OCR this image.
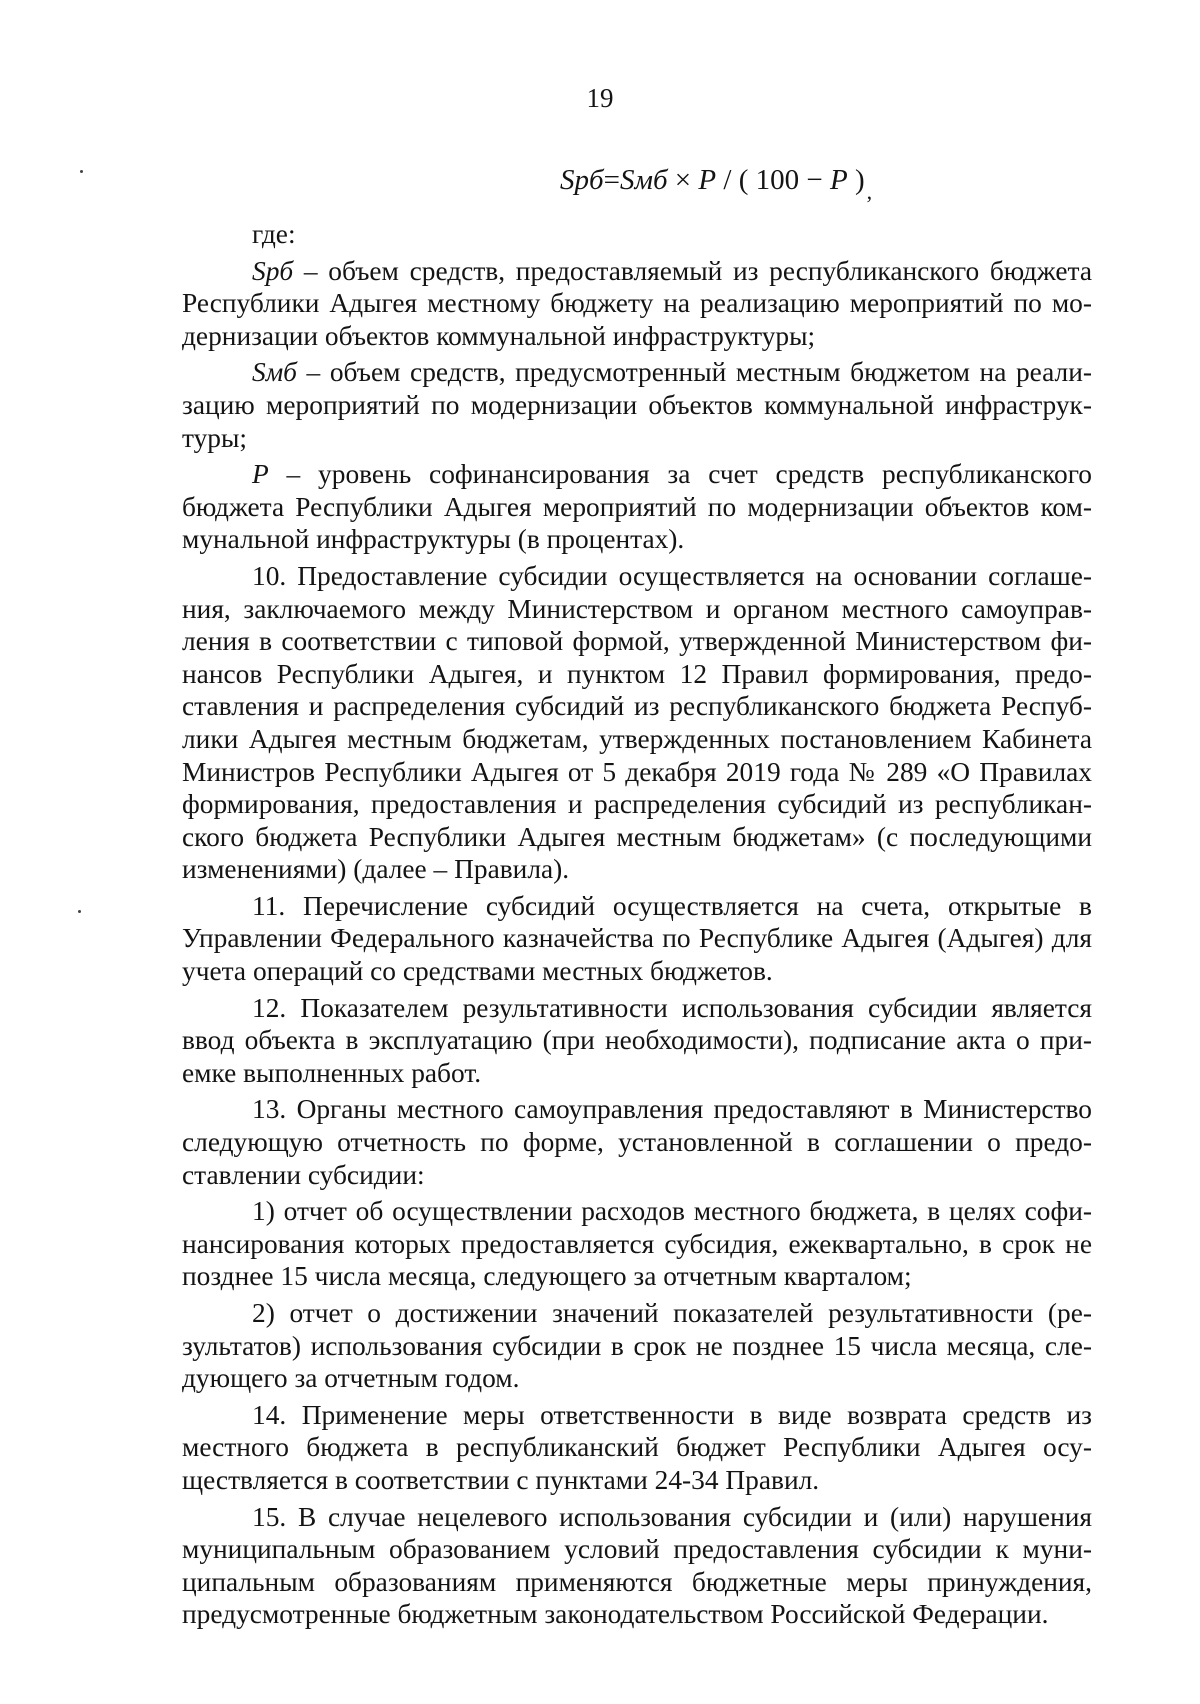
19
Sрб=Sмб × P / ( 100 − P )$_,$

где:

Sрб – объем средств, предоставляемый из республиканского бюджета Республики Адыгея местному бюджету на реализацию мероприятий по модернизации объектов коммунальной инфраструктуры;

Sмб – объем средств, предусмотренный местным бюджетом на реализацию мероприятий по модернизации объектов коммунальной инфраструктуры;

P – уровень софинансирования за счет средств республиканского бюджета Республики Адыгея мероприятий по модернизации объектов коммунальной инфраструктуры (в процентах).

10. Предоставление субсидии осуществляется на основании соглашения, заключаемого между Министерством и органом местного самоуправления в соответствии с типовой формой, утвержденной Министерством финансов Республики Адыгея, и пунктом 12 Правил формирования, предоставления и распределения субсидий из республиканского бюджета Республики Адыгея местным бюджетам, утвержденных постановлением Кабинета Министров Республики Адыгея от 5 декабря 2019 года № 289 «О Правилах формирования, предоставления и распределения субсидий из республиканского бюджета Республики Адыгея местным бюджетам» (с последующими изменениями) (далее – Правила).

11. Перечисление субсидий осуществляется на счета, открытые в Управлении Федерального казначейства по Республике Адыгея (Адыгея) для учета операций со средствами местных бюджетов.

12. Показателем результативности использования субсидии является ввод объекта в эксплуатацию (при необходимости), подписание акта о приемке выполненных работ.

13. Органы местного самоуправления предоставляют в Министерство следующую отчетность по форме, установленной в соглашении о предоставлении субсидии:

1) отчет об осуществлении расходов местного бюджета, в целях софинансирования которых предоставляется субсидия, ежеквартально, в срок не позднее 15 числа месяца, следующего за отчетным кварталом;

2) отчет о достижении значений показателей результативности (результатов) использования субсидии в срок не позднее 15 числа месяца, следующего за отчетным годом.

14. Применение меры ответственности в виде возврата средств из местного бюджета в республиканский бюджет Республики Адыгея осуществляется в соответствии с пунктами 24-34 Правил.

15. В случае нецелевого использования субсидии и (или) нарушения муниципальным образованием условий предоставления субсидии к муниципальным образованиям применяются бюджетные меры принуждения, предусмотренные бюджетным законодательством Российской Федерации.
